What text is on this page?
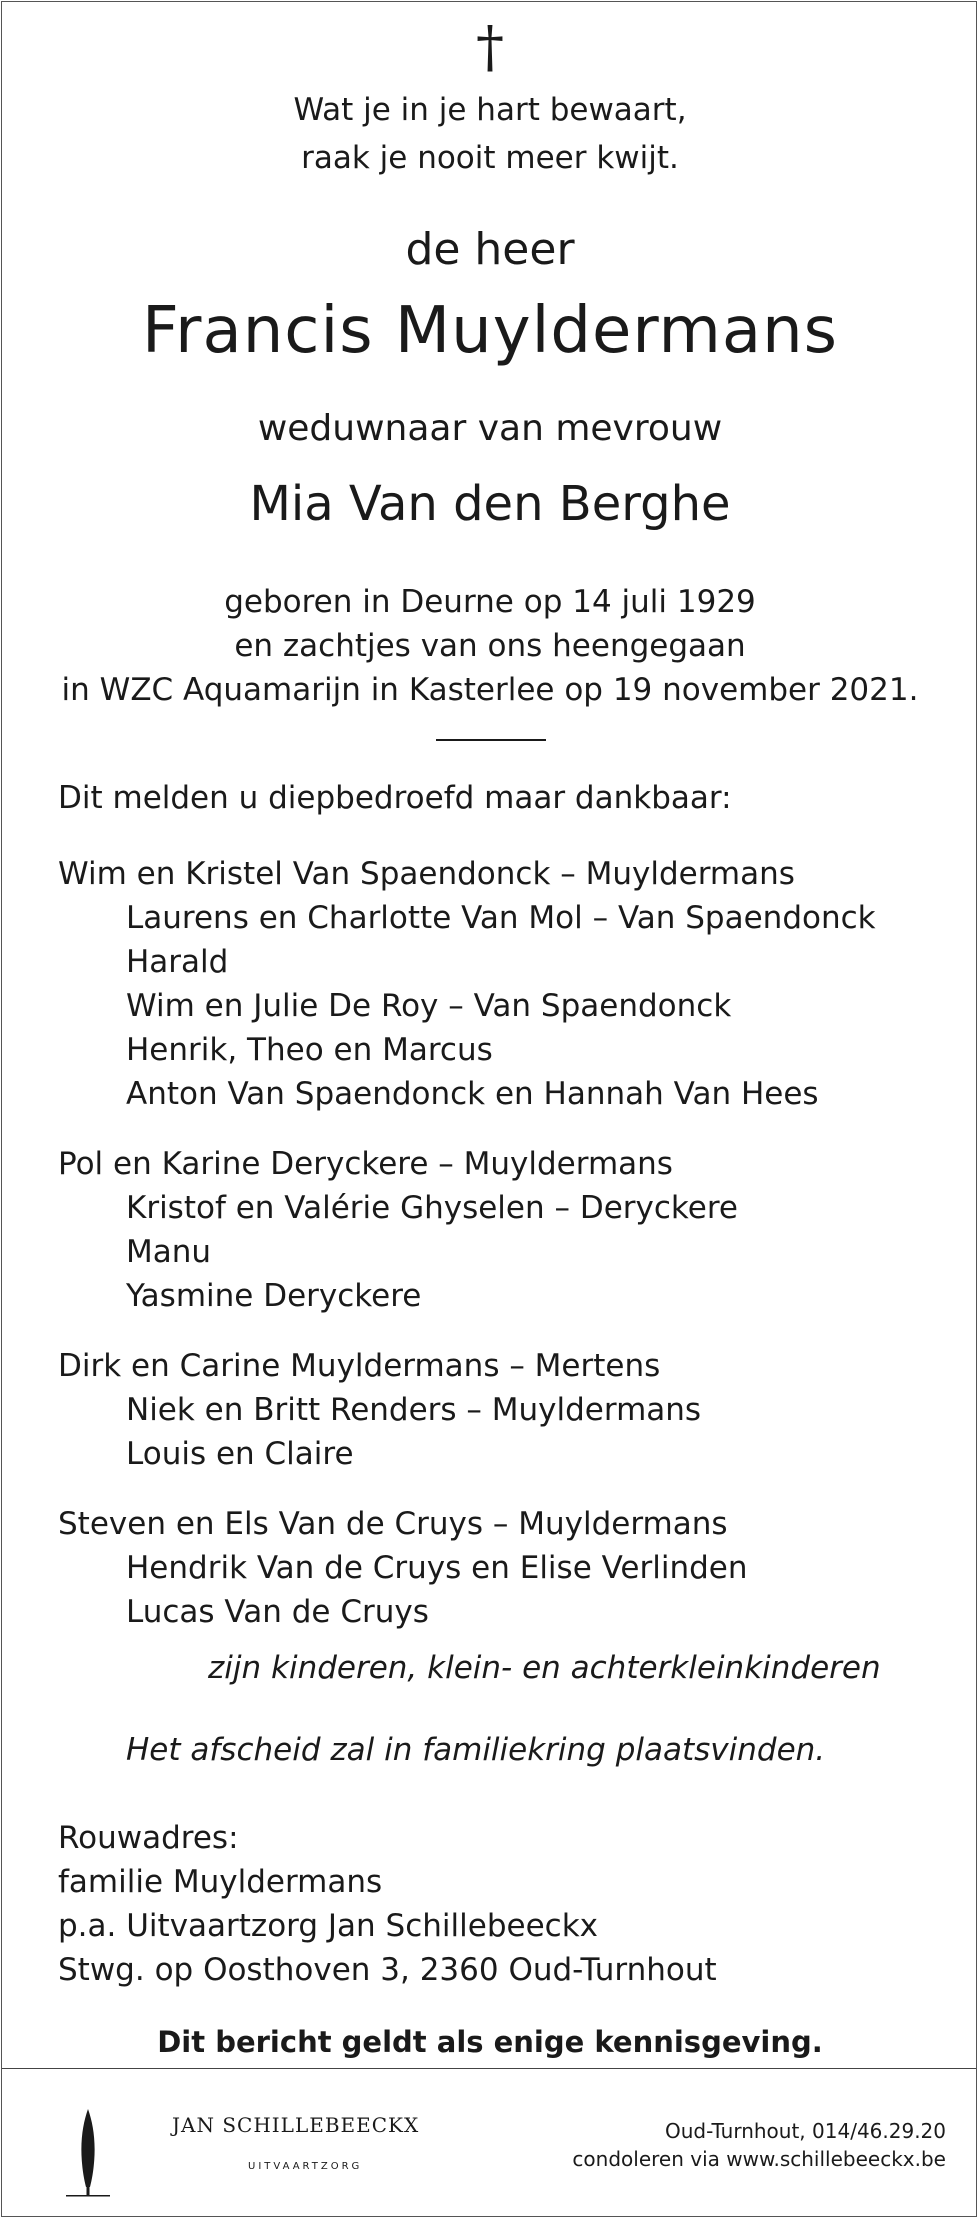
†
Wat je in je hart bewaart,
raak je nooit meer kwijt.
de heer
Francis Muyldermans
weduwnaar van mevrouw
Mia Van den Berghe
geboren in Deurne op 14 juli 1929
en zachtjes van ons heengegaan
in WZC Aquamarijn in Kasterlee op 19 november 2021.
Dit melden u diepbedroefd maar dankbaar:
Wim en Kristel Van Spaendonck – Muyldermans
Laurens en Charlotte Van Mol – Van Spaendonck
Harald
Wim en Julie De Roy – Van Spaendonck
Henrik, Theo en Marcus
Anton Van Spaendonck en Hannah Van Hees
Pol en Karine Deryckere – Muyldermans
Kristof en Valérie Ghyselen – Deryckere
Manu
Yasmine Deryckere
Dirk en Carine Muyldermans – Mertens
Niek en Britt Renders – Muyldermans
Louis en Claire
Steven en Els Van de Cruys – Muyldermans
Hendrik Van de Cruys en Elise Verlinden
Lucas Van de Cruys
zijn kinderen, klein- en achterkleinkinderen
Het afscheid zal in familiekring plaatsvinden.
Rouwadres:
familie Muyldermans
p.a. Uitvaartzorg Jan Schillebeeckx
Stwg. op Oosthoven 3, 2360 Oud-Turnhout
Dit bericht geldt als enige kennisgeving.
JAN SCHILLEBEECKX
UITVAARTZORG
Oud-Turnhout, 014/46.29.20
condoleren via www.schillebeeckx.be
